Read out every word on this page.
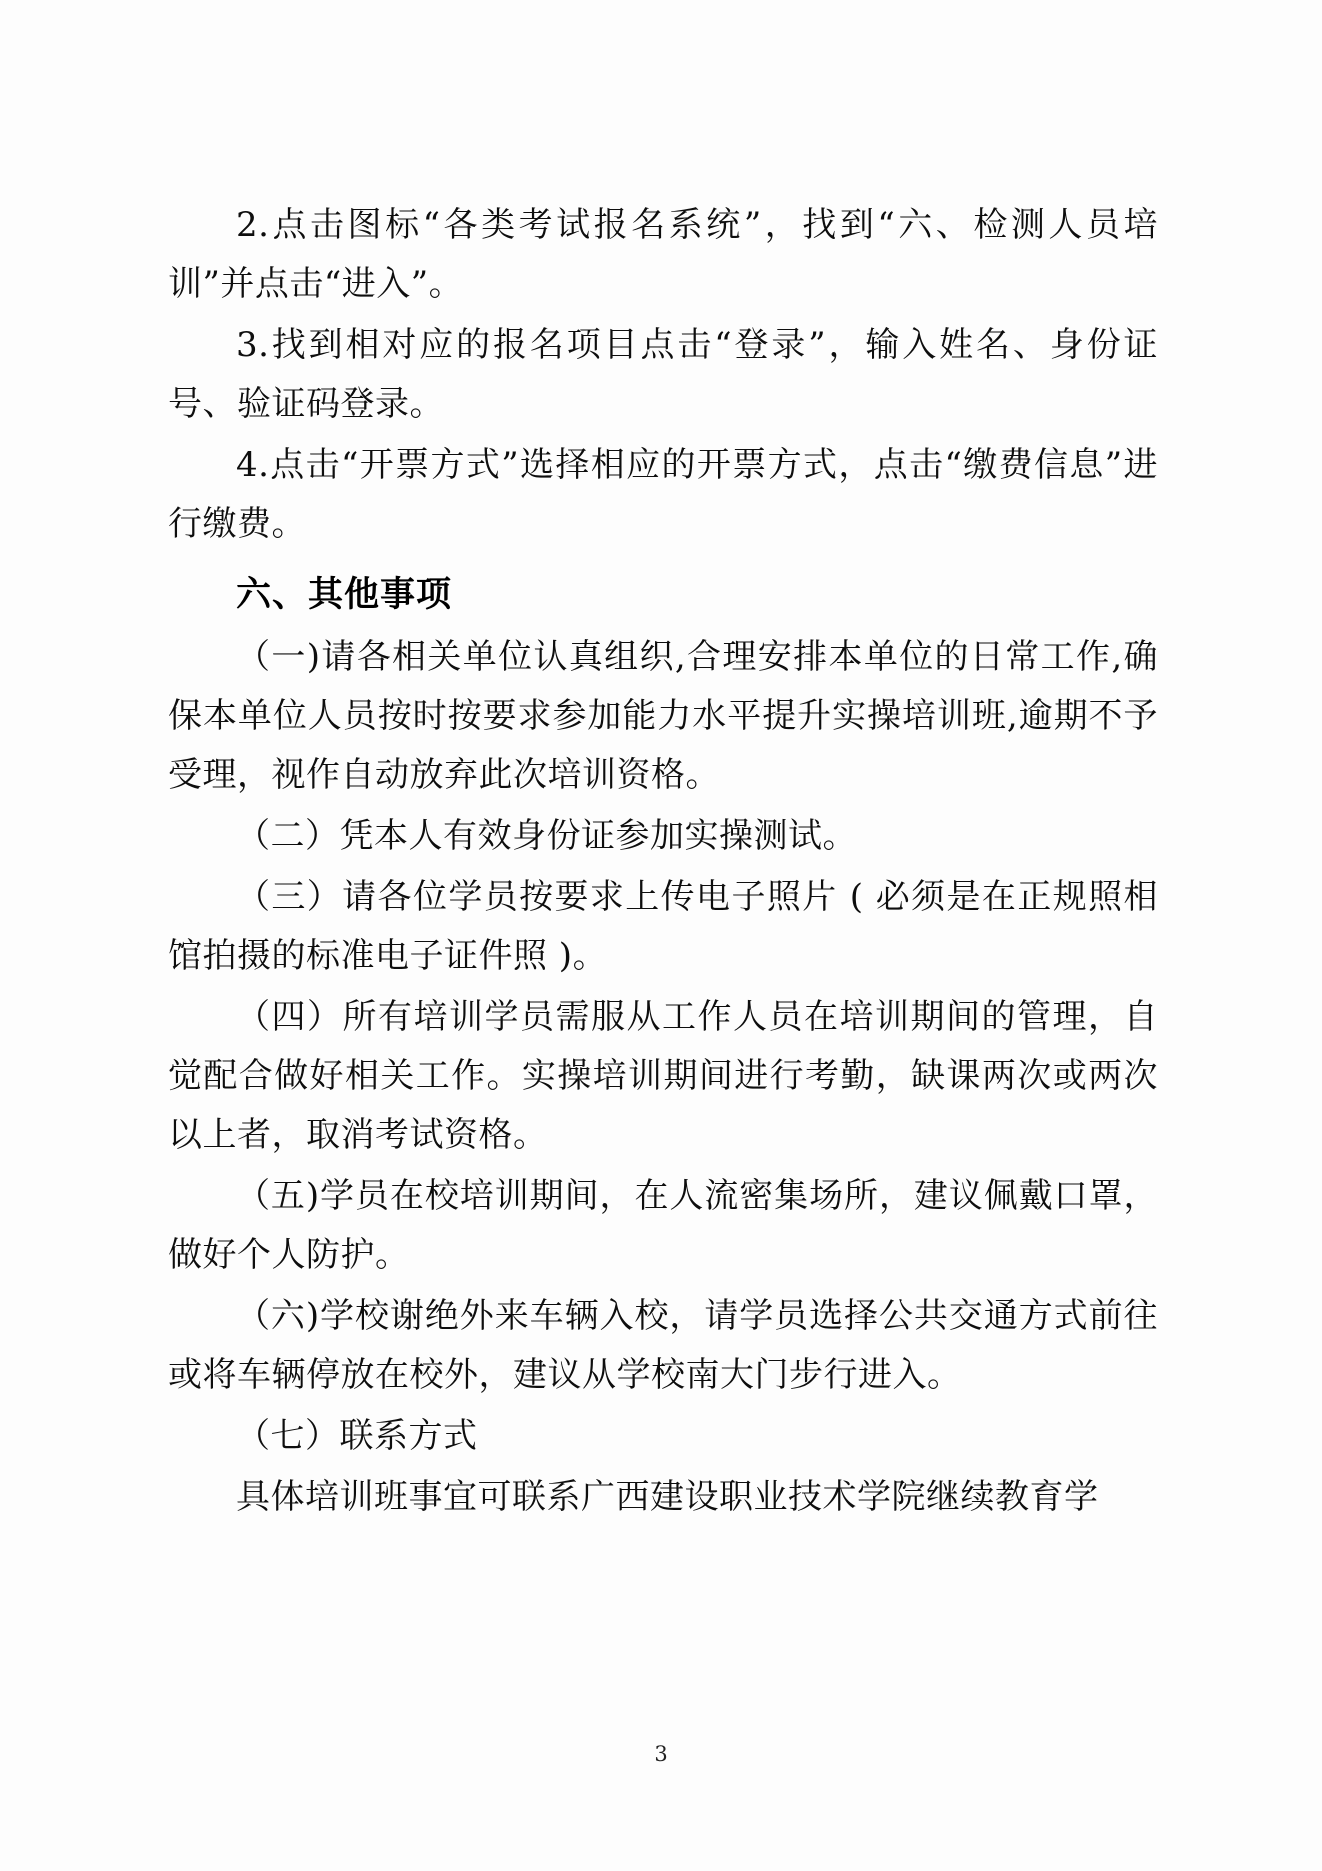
2.点击图标“各类考试报名系统”，找到“六、检测人员培训”并点击“进入”。

3.找到相对应的报名项目点击“登录”，输入姓名、身份证号、验证码登录。

4.点击“开票方式”选择相应的开票方式，点击“缴费信息”进行缴费。

六、其他事项

（一)请各相关单位认真组织,合理安排本单位的日常工作,确保本单位人员按时按要求参加能力水平提升实操培训班,逾期不予受理，视作自动放弃此次培训资格。

（二）凭本人有效身份证参加实操测试。

（三）请各位学员按要求上传电子照片 ( 必须是在正规照相馆拍摄的标准电子证件照 )。

（四）所有培训学员需服从工作人员在培训期间的管理，自觉配合做好相关工作。实操培训期间进行考勤，缺课两次或两次以上者，取消考试资格。

（五)学员在校培训期间，在人流密集场所，建议佩戴口罩，做好个人防护。

（六)学校谢绝外来车辆入校，请学员选择公共交通方式前往或将车辆停放在校外，建议从学校南大门步行进入。

（七）联系方式

具体培训班事宜可联系广西建设职业技术学院继续教育学

3
